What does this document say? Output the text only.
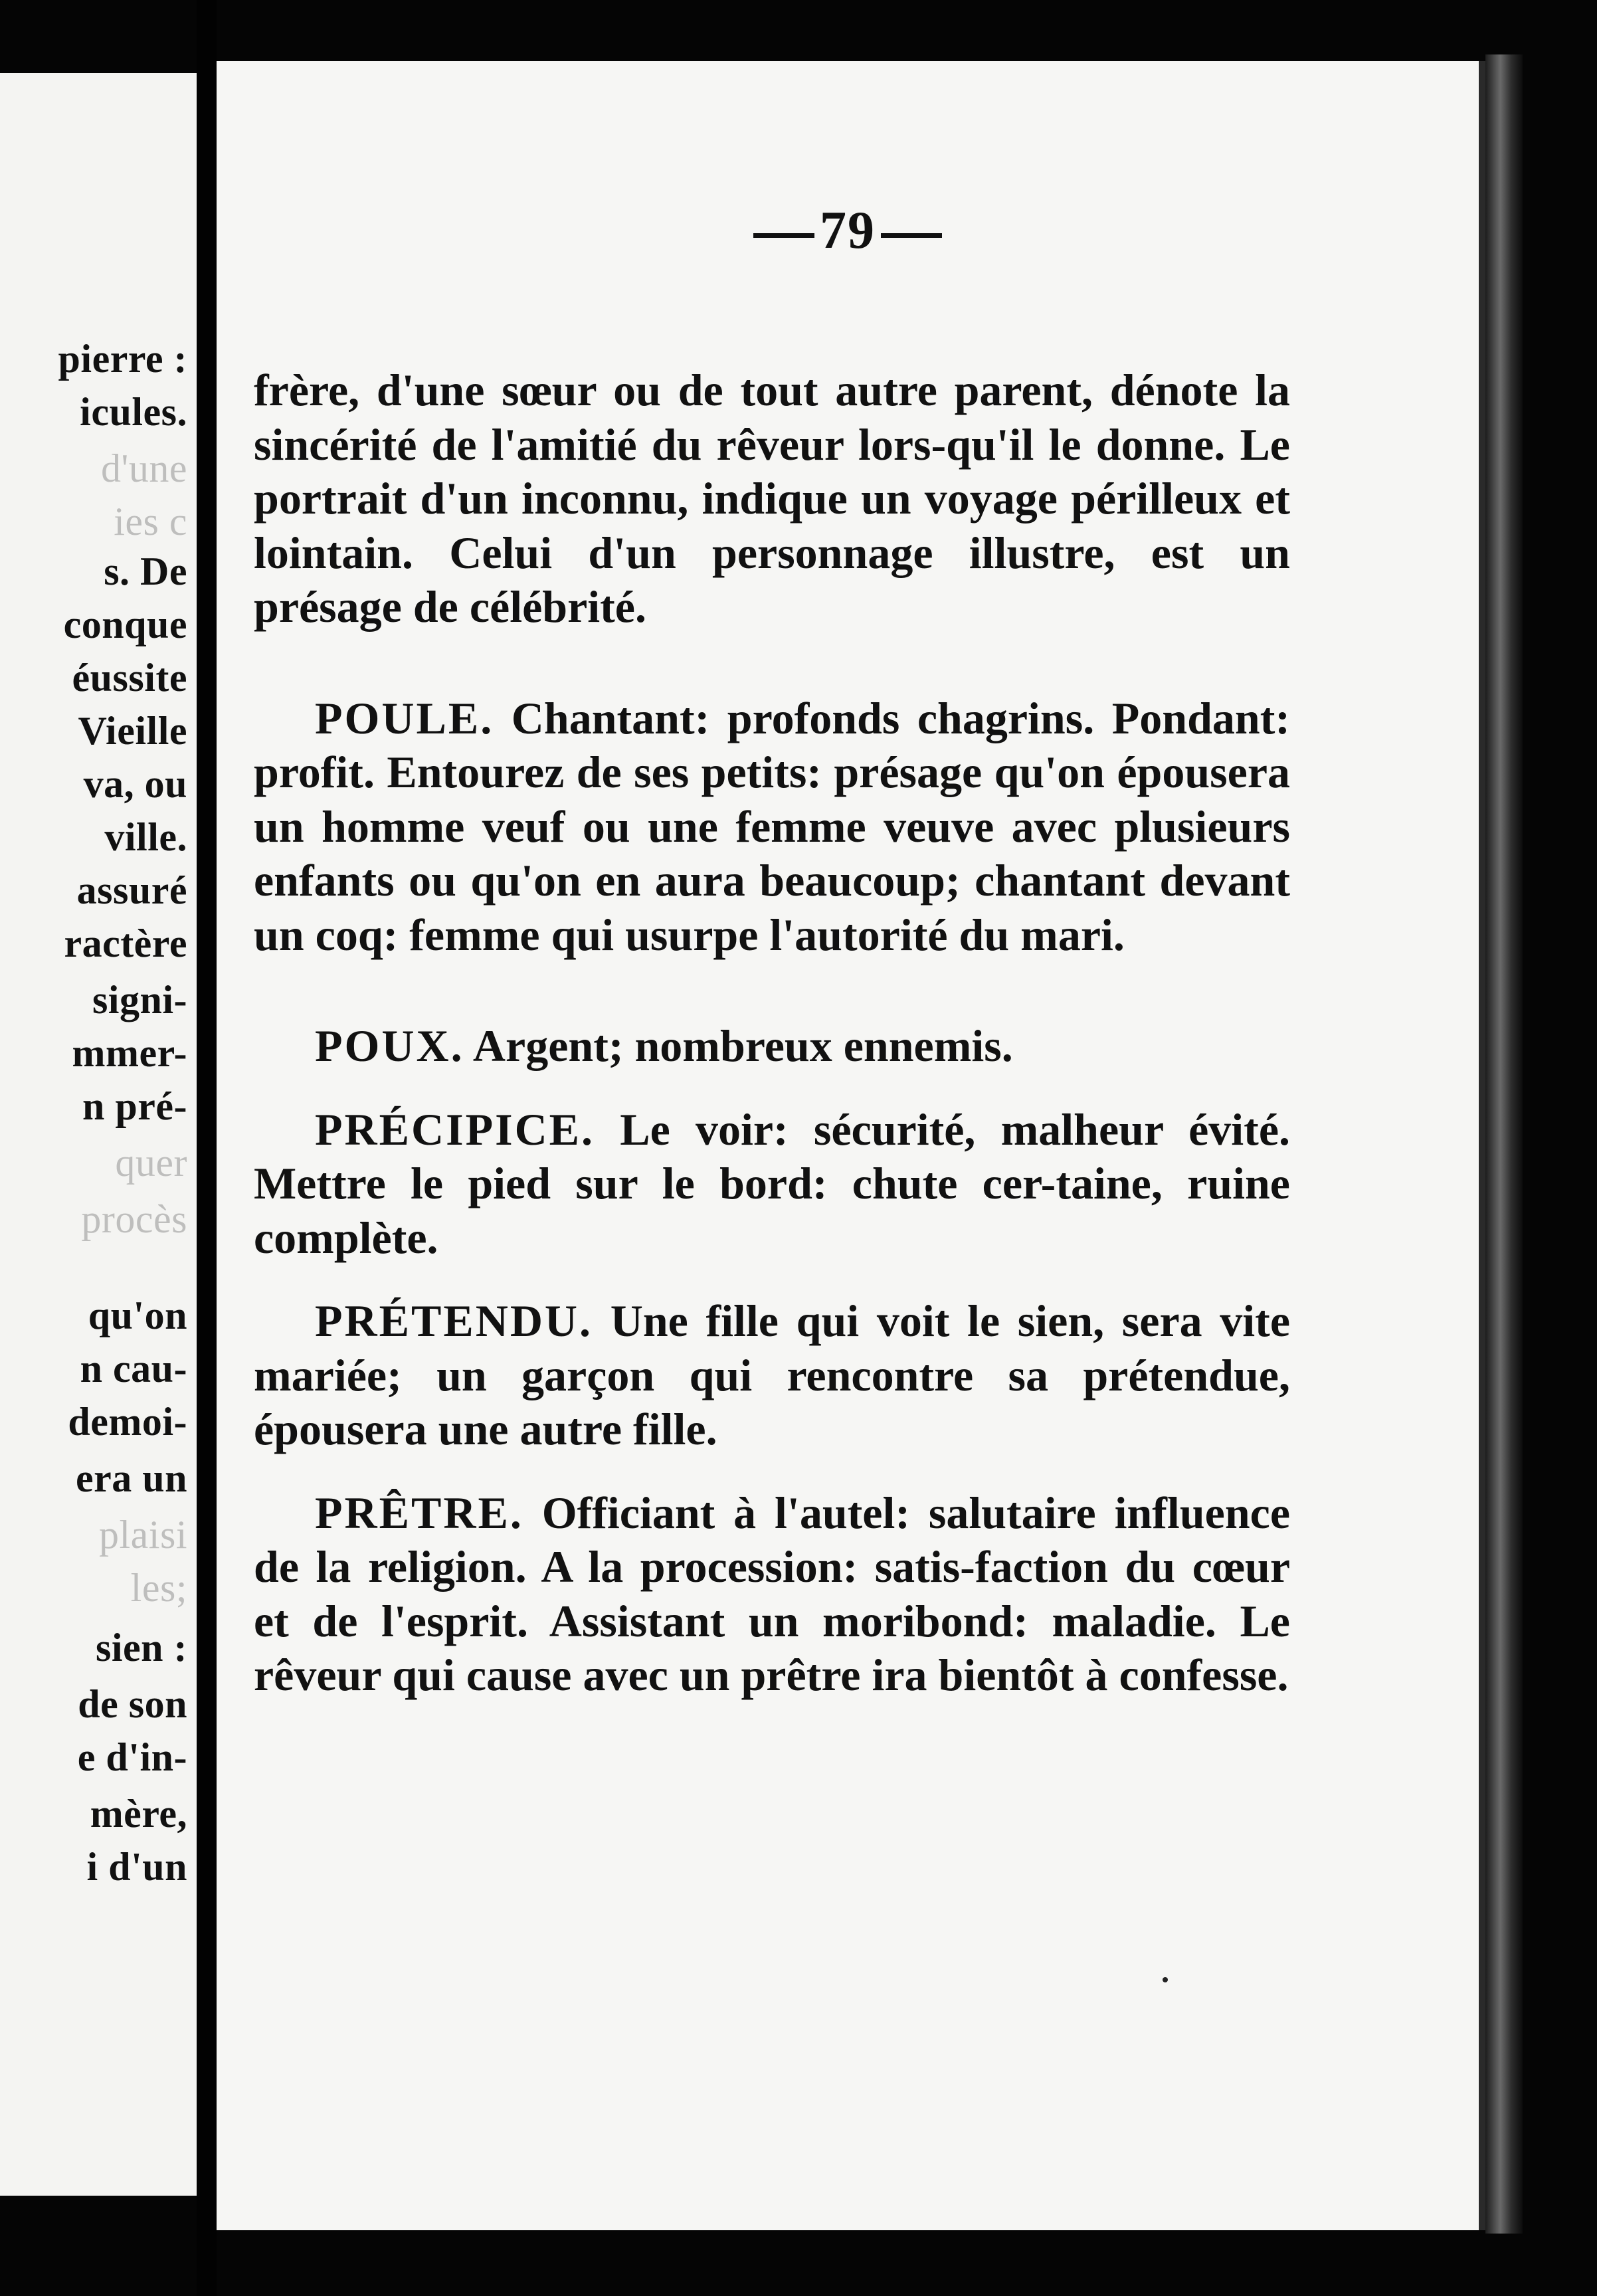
pierre :
icules.
d'une
ies c
s. De
conque
éussite
Vieille
va, ou
ville.
assuré
ractère
signi-
mmer-
n pré-
quer
procès
qu'on
n cau-
demoi-
era un
plaisi
les;
sien :
de son
e d'in-
mère,
i d'un
79

frère, d'une sœur ou de tout autre parent, dénote la sincérité de l'amitié du rêveur lors-qu'il le donne. Le portrait d'un inconnu, indique un voyage périlleux et lointain. Celui d'un personnage illustre, est un présage de célébrité.

POULE. Chantant: profonds chagrins. Pondant: profit. Entourez de ses petits: présage qu'on épousera un homme veuf ou une femme veuve avec plusieurs enfants ou qu'on en aura beaucoup; chantant devant un coq: femme qui usurpe l'autorité du mari.

POUX. Argent; nombreux ennemis.

PRÉCIPICE. Le voir: sécurité, malheur évité. Mettre le pied sur le bord: chute cer-taine, ruine complète.

PRÉTENDU. Une fille qui voit le sien, sera vite mariée; un garçon qui rencontre sa prétendue, épousera une autre fille.

PRÊTRE. Officiant à l'autel: salutaire influence de la religion. A la procession: satis-faction du cœur et de l'esprit. Assistant un moribond: maladie. Le rêveur qui cause avec un prêtre ira bientôt à confesse.
